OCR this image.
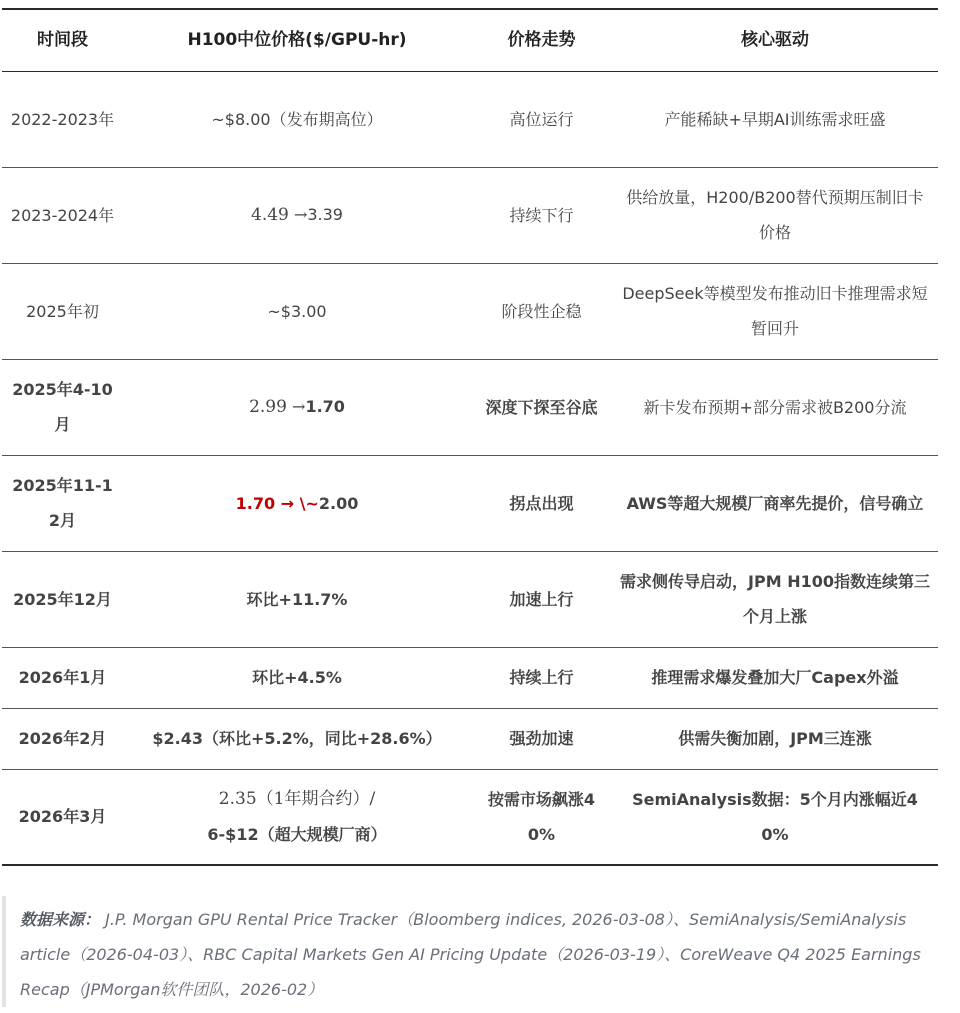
时间段	H100中位价格($/GPU-hr)	价格走势	核心驱动
2022-2023年	~$8.00（发布期高位）	高位运行	产能稀缺+早期AI训练需求旺盛
2023-2024年	4.49 →3.39	持续下行	供给放量，H200/B200替代预期压制旧卡价格
2025年初	~$3.00	阶段性企稳	DeepSeek等模型发布推动旧卡推理需求短暂回升
2025年4-10月	2.99 →1.70	深度下探至谷底	新卡发布预期+部分需求被B200分流
2025年11-12月	1.70 → \~2.00	拐点出现	AWS等超大规模厂商率先提价，信号确立
2025年12月	环比+11.7%	加速上行	需求侧传导启动，JPM H100指数连续第三个月上涨
2026年1月	环比+4.5%	持续上行	推理需求爆发叠加大厂Capex外溢
2026年2月	$2.43（环比+5.2%，同比+28.6%）	强劲加速	供需失衡加剧，JPM三连涨
2026年3月	2.35（1年期合约）/6-$12（超大规模厂商）	按需市场飙涨40%	SemiAnalysis数据：5个月内涨幅近40%
数据来源： J.P. Morgan GPU Rental Price Tracker（Bloomberg indices, 2026-03-08）、SemiAnalysis/SemiAnalysis article（2026-04-03）、RBC Capital Markets Gen AI Pricing Update（2026-03-19）、CoreWeave Q4 2025 Earnings Recap（JPMorgan软件团队，2026-02）
